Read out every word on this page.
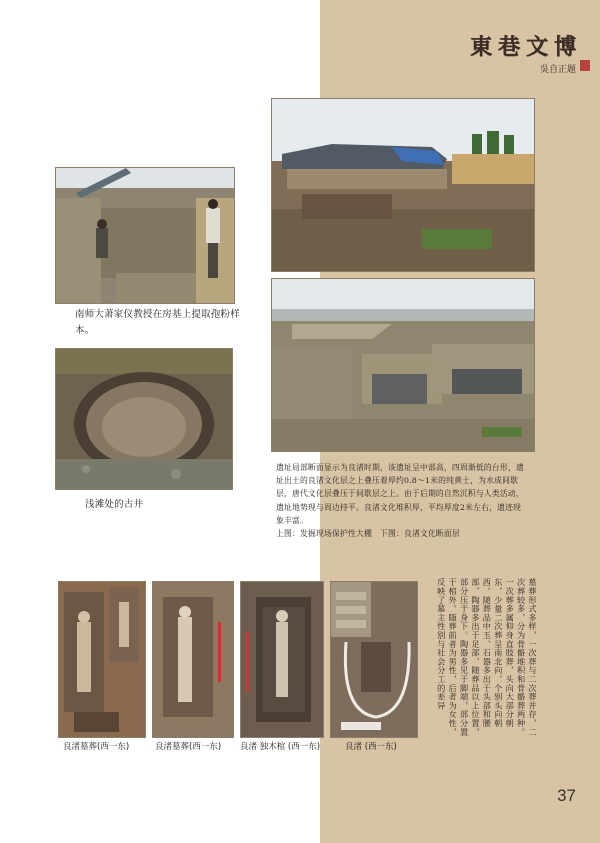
東巷文博
吳自正題
南师大萧家仪教授在房基上提取孢粉样本。
浅滩处的古井
遗址局部断面显示为良渚时期，该遗址呈中部高，四周渐低的台形，遗址出土的良渚文化层之上叠压着厚约0.8～1米的纯黄土，为水成间歇层，唐代文化层叠压于间歇层之上。由于后期的自然沉积与人类活动，遗址地势现与周边持平。良渚文化堆积厚，平均厚度2米左右，遗迹现象丰富。
上图：发掘现场保护性大棚　下图：良渚文化断面层
良渚墓葬(西一东)	良渚墓葬(西一东) 良渚 独木棺 (西一东)	良渚 (西一东)
墓葬形式多样，一次葬与二次葬并存，二次葬较多，分为骨骼堆积和骨骼葬两种。一次葬多属仰身直肢葬，头向大部分朝东，少量二次葬呈南北向，个别头向朝西。随葬品中玉、石器多出于头部和腰部，陶器多出于足部，随葬品以上位置，部分压于身下。陶器多见于脚端，部分置于棺外。随葬前者为男性，后者为女性，反映了墓主性别与社会分工的差异
37
